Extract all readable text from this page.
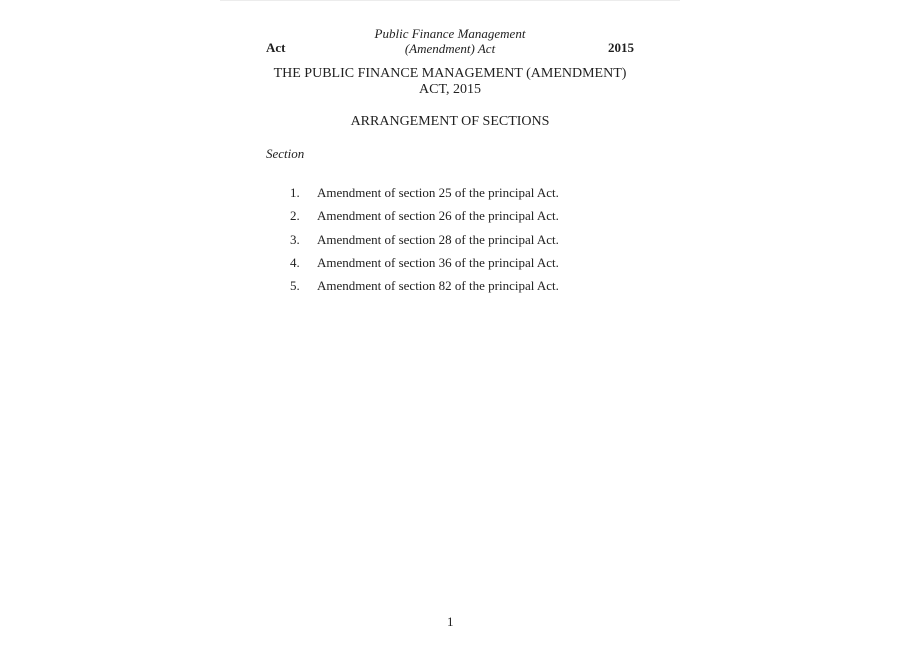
Act
Public Finance Management
(Amendment) Act	2015
THE PUBLIC FINANCE MANAGEMENT (AMENDMENT)
ACT, 2015
ARRANGEMENT OF SECTIONS
Section
1. Amendment of section 25 of the principal Act.
2. Amendment of section 26 of the principal Act.
3. Amendment of section 28 of the principal Act.
4. Amendment of section 36 of the principal Act.
5. Amendment of section 82 of the principal Act.
1
